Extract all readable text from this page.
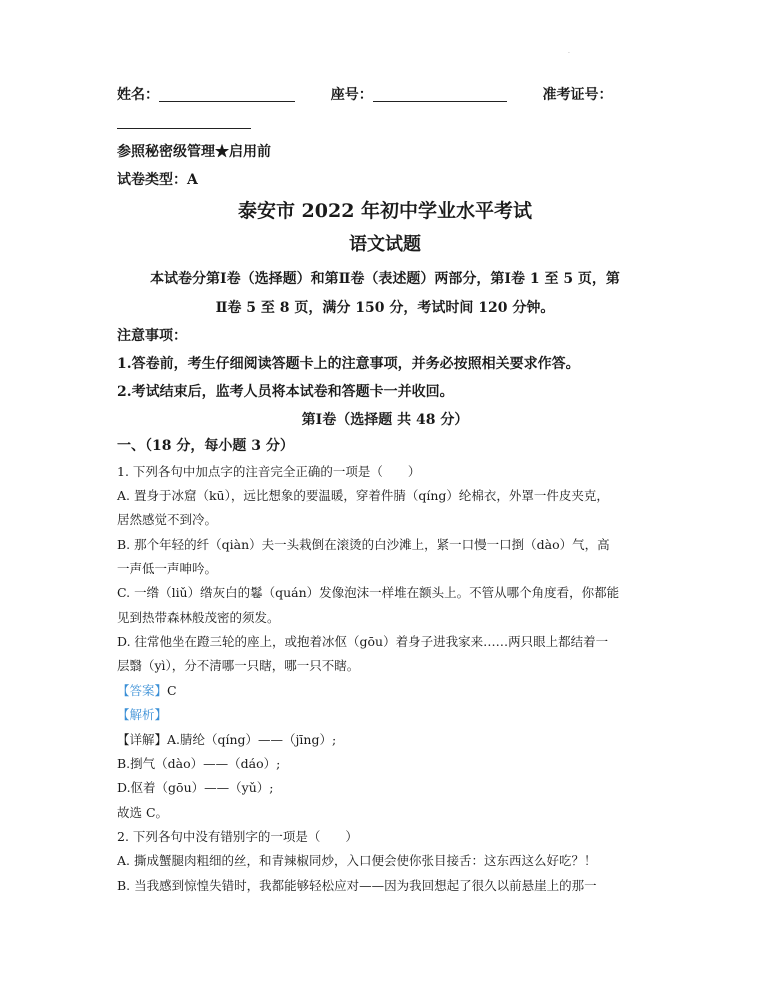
.
姓名：	座号：	准考证号：
参照秘密级管理★启用前
试卷类型：A
泰安市 2022 年初中学业水平考试
语文试题
本试卷分第Ⅰ卷（选择题）和第Ⅱ卷（表述题）两部分，第Ⅰ卷 1 至 5 页，第
Ⅱ卷 5 至 8 页，满分 150 分，考试时间 120 分钟。
注意事项：
1.答卷前，考生仔细阅读答题卡上的注意事项，并务必按照相关要求作答。
2.考试结束后，监考人员将本试卷和答题卡一并收回。
第Ⅰ卷（选择题 共 48 分）
一、（18 分，每小题 3 分）
1. 下列各句中加点字的注音完全正确的一项是（　　）
A. 置身于冰窟（kū），远比想象的要温暖，穿着件腈（qíng）纶棉衣，外罩一件皮夹克，
居然感觉不到冷。
B. 那个年轻的纤（qiàn）夫一头栽倒在滚烫的白沙滩上，紧一口慢一口捯（dào）气，高
一声低一声呻吟。
C. 一绺（liǔ）绺灰白的鬈（quán）发像泡沫一样堆在额头上。不管从哪个角度看，你都能
见到热带森林般茂密的须发。
D. 往常他坐在蹬三轮的座上，或抱着冰伛（gōu）着身子进我家来……两只眼上都结着一
层翳（yì），分不清哪一只瞎，哪一只不瞎。
【答案】C
【解析】
【详解】A.腈纶（qíng）——（jīng）;
B.捯气（dào）——（dáo）;
D.伛着（gōu）——（yǔ）;
故选 C。
2. 下列各句中没有错别字的一项是（　　）
A. 撕成蟹腿肉粗细的丝，和青辣椒同炒，入口便会使你张目接舌：这东西这么好吃？！
B. 当我感到惊惶失错时，我都能够轻松应对——因为我回想起了很久以前悬崖上的那一
